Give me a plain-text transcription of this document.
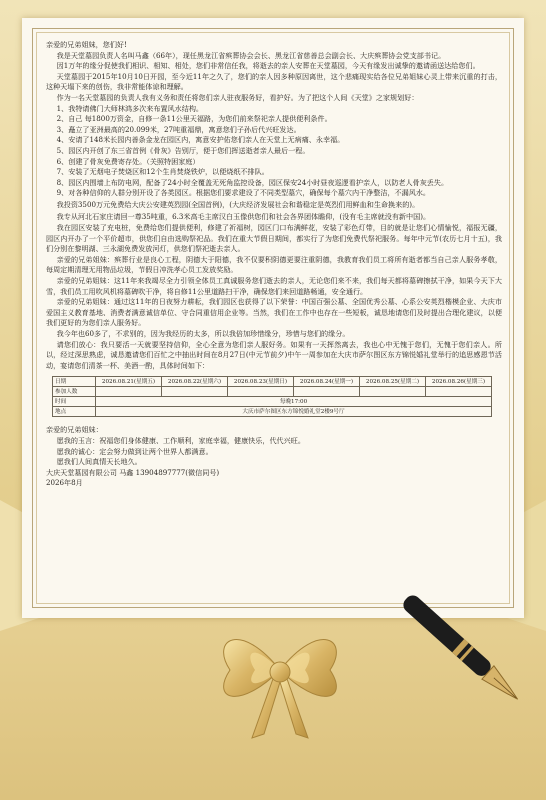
亲爱的兄弟姐妹，您们好!

我是天堂墓园负责人名叫马鑫（66年），现任黑龙江省殡葬协会会长、黑龙江省慈善总会副会长、大庆殡葬协会党支部书记。

因1万年的缘分促使我们相识、相知、相处，您们非常信任我，将逝去的亲人安葬在天堂墓园，今天有缘发出诚挚的邀请函送达给您们。

天堂墓园于2015年10月10日开园，至今近11年之久了，您们的亲人因多种原因离世，这个悲痛现实给各位兄弟姐妹心灵上带来沉重的打击，这种天塌下来的创伤，我非常能体谅和理解。

作为一名天堂墓园的负责人我有义务和责任将您们亲人驻夜服务好，看护好。为了把这个人间《天堂》之家规划好：

1、我特请佛门大师林鸿多次来布置风水结构。

2、自己 每1800万资金，自修一条11公里天福路，为您们前来祭祀亲人提供便利条件。

3、矗立了亚洲最高的20.099米，27吨重福鼎，寓意您们子孙后代兴旺发达。

4、安请了148米长园内善条金龙在园区内，寓意安护佑您们亲人在天堂上无病痛、永幸福。

5、园区内开创了东三省首例《骨灰》告别厅，便于您们挥送逝者亲人最后一程。

6、创建了骨灰免费寄存处。（关照特困家庭）

7、安装了无烟电子焚烧区和12个生肖焚烧铁炉，以便烧纸不排队。

8、园区内围墙上布防电网，配备了24小时全覆盖无死角监控设备，园区保安24小时昼夜巡逻看护亲人，以防老人骨灰丢失。

9、对各种信仰的人群分别开设了各类园区。根据您们要求建设了不同类型墓穴，确保每个墓穴内干净整洁，不漏风水。

我投资3500万元免费给大庆公安建英烈园(全国首例)，(大庆经济发展社会和谐稳定是英烈们用鲜血和生命换来的)。

我专从河北石家庄请回一尊35吨重，6.3米高毛主席汉白玉像供您们和社会各界团体瞻仰，(没有毛主席就没有新中国)。

我在园区安装了充电桩，免费给您们提供便利，修建了祈福树，园区门口布满鲜花，安装了彩色灯带，目的就是让您们心情愉悦，福报无疆，园区内开办了一个平价超市，供您们自由选购祭祀品。我们在重大节假日期间，都实行了为您们免费代祭祀服务。每年中元节(农历七月十五)，我们分别在黎明湖、三永湖免费发放河灯，供您们祭祀逝去亲人。

亲爱的兄弟姐妹：殡葬行业是良心工程，阴德大于阳德，我不仅要积阴德更要注重阴德，我教育我们员工将所有逝者都当自己亲人服务孝敬，每周定期清理无用物品垃圾，节假日冲洗孝心员工发放奖励。

亲爱的兄弟姐妹：这11年来我竭尽全力引领全体员工真诚服务您们逝去的亲人，无论您们来不来，我们每天都将墓碑擦拭干净，如果今天下大雪，我们员工用吹风机将墓碑吹干净，将自修11公里道路扫干净，确保您们来回道路畅通，安全通行。

亲爱的兄弟姐妹：通过这11年的日夜努力耕耘，我们园区也获得了以下荣誉：中国百强公墓、全国优秀公墓、心系公安英烈楷模企业、大庆市爱国主义教育基地、消费者满意诚信单位、守合同重信用企业等。当然，我们在工作中也存在一些短板，诚恳地请您们及时提出合理化建议，以便我们更好的为您们亲人服务好。

我今年也60多了，不求别的，因为我经历的太多，所以我倍加珍惜缘分，珍惜与您们的缘分。

请您们放心：我只要活一天就要坚持信仰，全心全意为您们亲人服好务。如果有一天挥然离去，我也心中无愧于您们，无愧于您们亲人。所以，经过深思熟虑，诚恳邀请您们百忙之中抽出时间在8月27日(中元节前夕)中午一周参加在大庆市萨尔图区东方锦悦婚礼堂举行的追思感恩节活动，宴请您们清茶一杯、美酒一酌，具体时间如下：

日期	2026.08.21(星期五)	2026.08.22(星期六)	2026.08.23(星期日)	2026.08.24(星期一)	2026.08.25(星期二)	2026.08.26(星期三)
参加人数						
时间	每晚17:00					
地点	大庆市萨尔图区东方锦悦婚礼堂2楼9号厅					

亲爱的兄弟姐妹：

愿我的玉言：祝福您们身体健康、工作顺利，家庭幸福，健康快乐，代代兴旺。

愿我的诚心：定会努力做到让两个世界人都满意。

愿我们人间真情天长地久。

大庆天堂墓园有限公司 马鑫 13904897777(微信同号)

2026年8月
